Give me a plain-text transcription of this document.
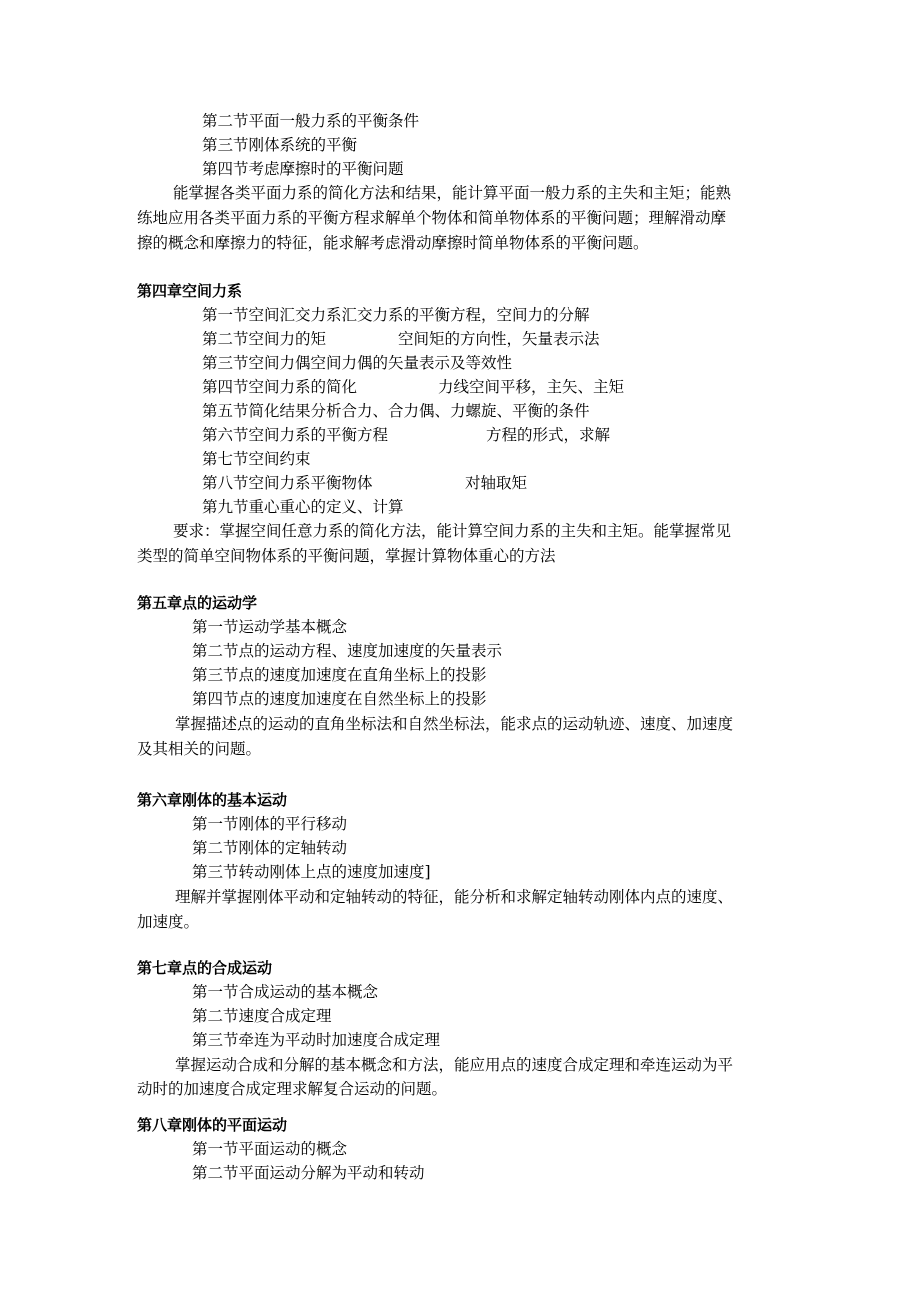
第二节平面一般力系的平衡条件
第三节刚体系统的平衡
第四节考虑摩擦时的平衡问题
能掌握各类平面力系的简化方法和结果，能计算平面一般力系的主失和主矩；能熟
练地应用各类平面力系的平衡方程求解单个物体和简单物体系的平衡问题；理解滑动摩
擦的概念和摩擦力的特征，能求解考虑滑动摩擦时简单物体系的平衡问题。
第四章空间力系
第一节空间汇交力系汇交力系的平衡方程，空间力的分解
第二节空间力的矩	空间矩的方向性，矢量表示法
第三节空间力偶空间力偶的矢量表示及等效性
第四节空间力系的简化	力线空间平移，主矢、主矩
第五节简化结果分析合力、合力偶、力螺旋、平衡的条件
第六节空间力系的平衡方程	方程的形式，求解
第七节空间约束
第八节空间力系平衡物体	对轴取矩
第九节重心重心的定义、计算
要求：掌握空间任意力系的简化方法，能计算空间力系的主失和主矩。能掌握常见
类型的简单空间物体系的平衡问题，掌握计算物体重心的方法
第五章点的运动学
第一节运动学基本概念
第二节点的运动方程、速度加速度的矢量表示
第三节点的速度加速度在直角坐标上的投影
第四节点的速度加速度在自然坐标上的投影
掌握描述点的运动的直角坐标法和自然坐标法，能求点的运动轨迹、速度、加速度
及其相关的问题。
第六章刚体的基本运动
第一节刚体的平行移动
第二节刚体的定轴转动
第三节转动刚体上点的速度加速度]
理解并掌握刚体平动和定轴转动的特征，能分析和求解定轴转动刚体内点的速度、
加速度。
第七章点的合成运动
第一节合成运动的基本概念
第二节速度合成定理
第三节牵连为平动时加速度合成定理
掌握运动合成和分解的基本概念和方法，能应用点的速度合成定理和牵连运动为平
动时的加速度合成定理求解复合运动的问题。
第八章刚体的平面运动
第一节平面运动的概念
第二节平面运动分解为平动和转动
